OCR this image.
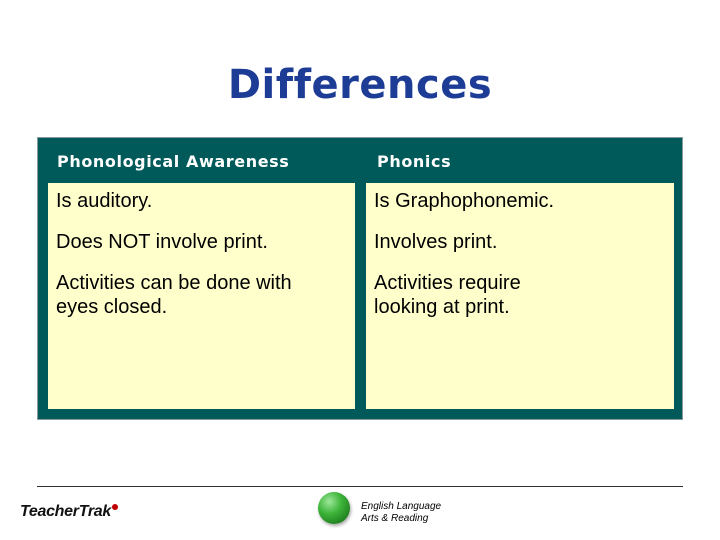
Differences
Phonological Awareness	Phonics
Is auditory.
Does NOT involve print.
Activities can be done with eyes closed.
Is Graphophonemic.
Involves print.
Activities require looking at print.
TeacherTrak	English Language
Arts & Reading
